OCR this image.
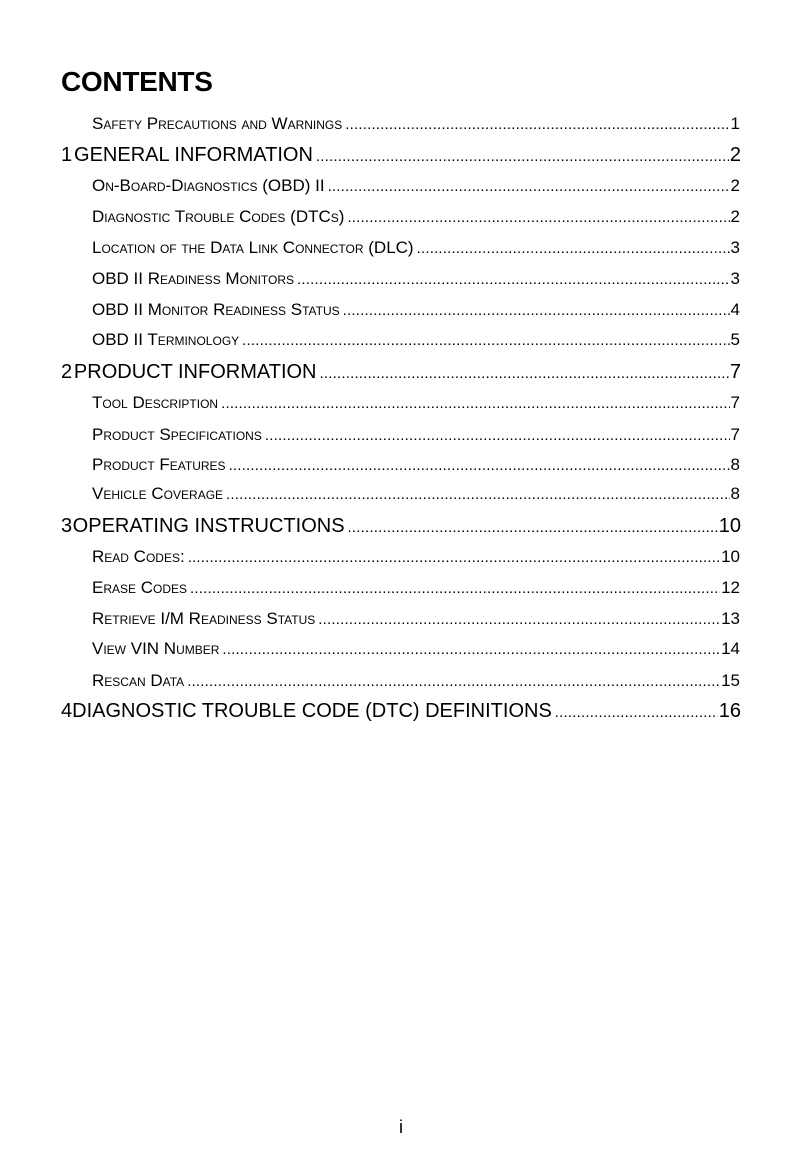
CONTENTS
Safety Precautions and Warnings .....	1
1 GENERAL INFORMATION .....	2
On-Board-Diagnostics (OBD) II .....	2
Diagnostic Trouble Codes (DTCs) .....	2
Location of the Data Link Connector (DLC) .....	3
OBD II Readiness Monitors .....	3
OBD II Monitor Readiness Status .....	4
OBD II Terminology .....	5
2 PRODUCT INFORMATION .....	7
Tool Description .....	7
Product Specifications .....	7
Product Features .....	8
Vehicle Coverage .....	8
3 OPERATING INSTRUCTIONS .....	10
Read Codes: .....	10
Erase Codes .....	12
Retrieve I/M Readiness Status .....	13
View VIN Number .....	14
Rescan Data .....	15
4 DIAGNOSTIC TROUBLE CODE (DTC) DEFINITIONS .....	16
i
